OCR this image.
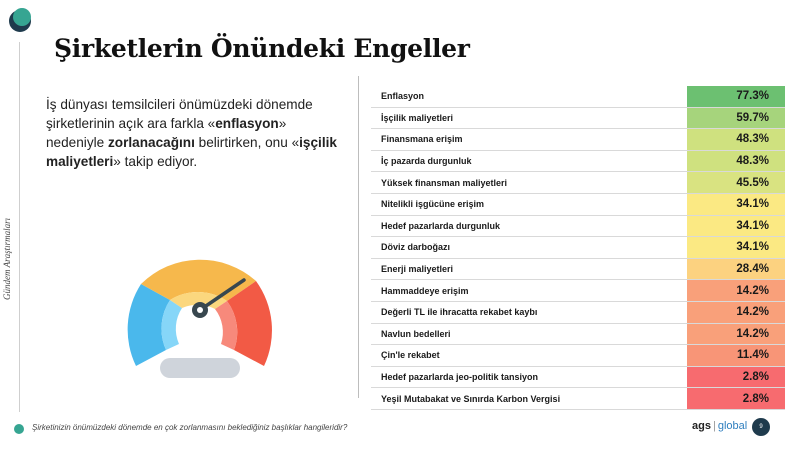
Gündem Araştırmaları
Şirketlerin Önündeki Engeller
İş dünyası temsilcileri önümüzdeki dönemde şirketlerinin açık ara farkla «enflasyon» nedeniyle zorlanacağını belirtirken, onu «işçilik maliyetleri» takip ediyor.
Enflasyon	77.3%
İşçilik maliyetleri	59.7%
Finansmana erişim	48.3%
İç pazarda durgunluk	48.3%
Yüksek finansman maliyetleri	45.5%
Nitelikli işgücüne erişim	34.1%
Hedef pazarlarda durgunluk	34.1%
Döviz darboğazı	34.1%
Enerji maliyetleri	28.4%
Hammaddeye erişim	14.2%
Değerli TL ile ihracatta rekabet kaybı	14.2%
Navlun bedelleri	14.2%
Çin'le rekabet	11.4%
Hedef pazarlarda jeo-politik tansiyon	2.8%
Yeşil Mutabakat ve Sınırda Karbon Vergisi	2.8%
Şirketinizin önümüzdeki dönemde en çok zorlanmasını beklediğiniz başlıklar hangileridir?	ags | global	9
